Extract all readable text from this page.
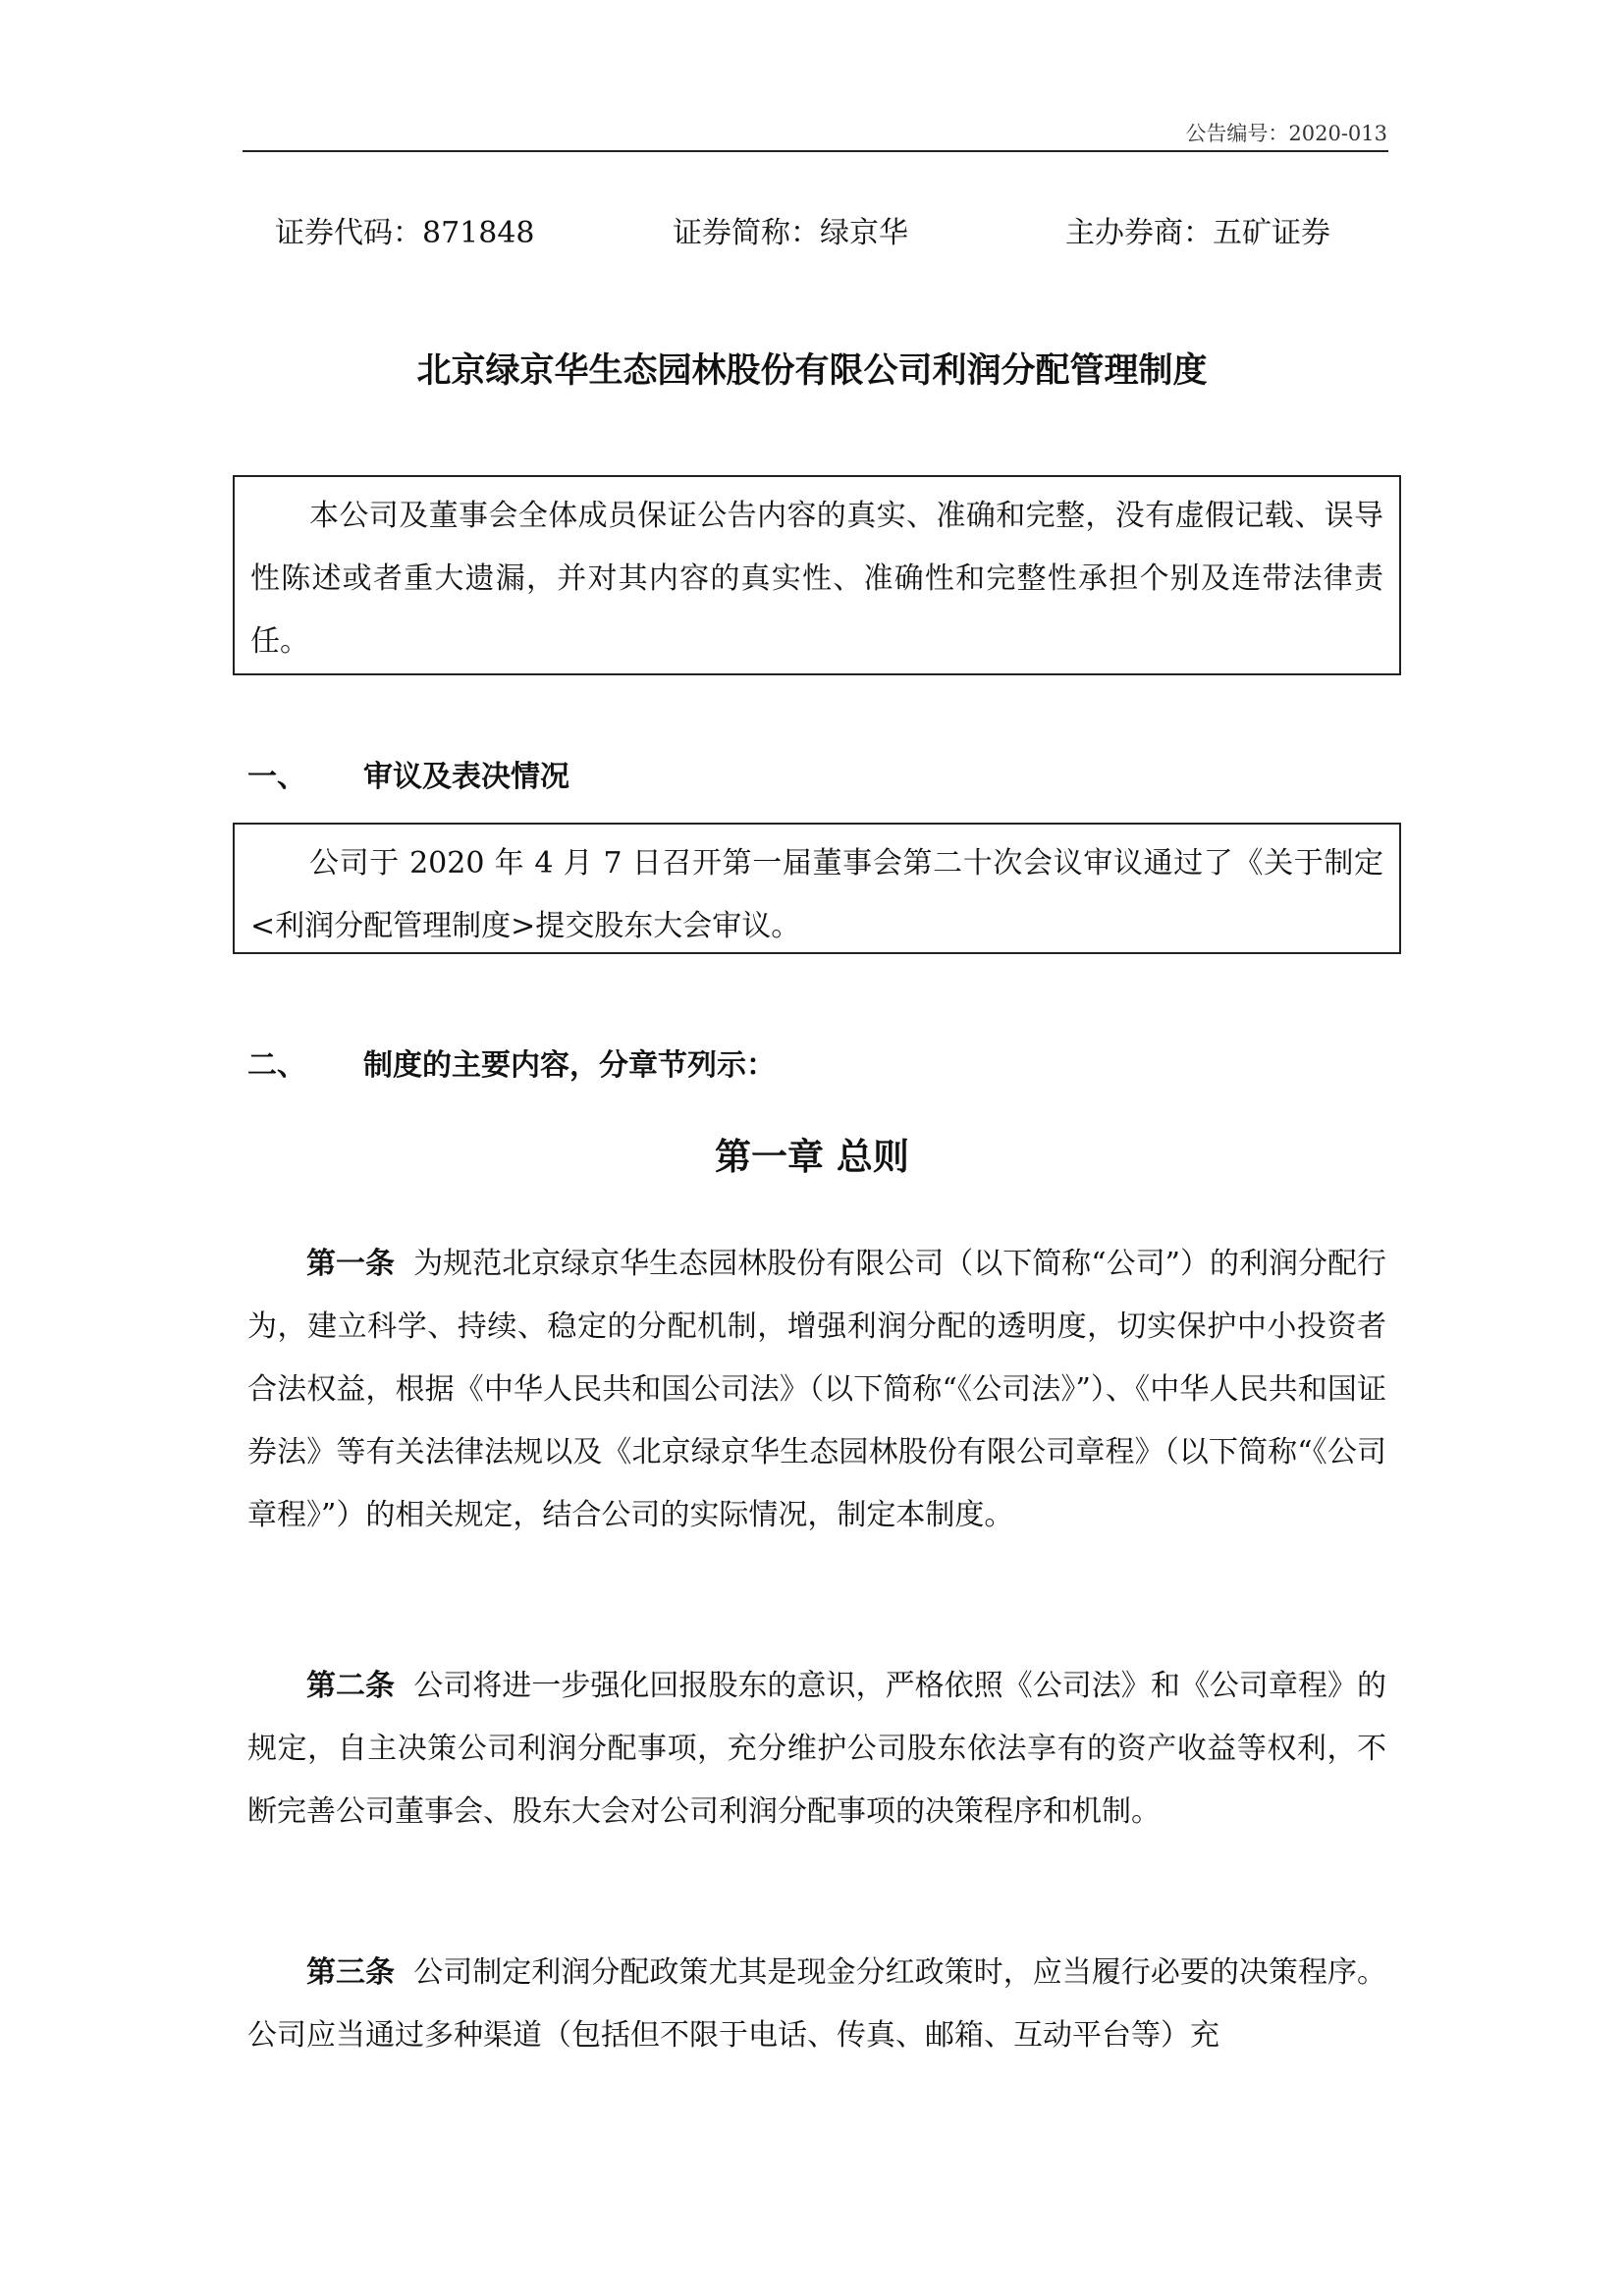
公告编号：2020-013
证券代码：871848	证券简称：绿京华	主办券商：五矿证券
北京绿京华生态园林股份有限公司利润分配管理制度
本公司及董事会全体成员保证公告内容的真实、准确和完整，没有虚假记载、误导性陈述或者重大遗漏，并对其内容的真实性、准确性和完整性承担个别及连带法律责任。
一、 审议及表决情况
公司于 2020 年 4 月 7 日召开第一届董事会第二十次会议审议通过了《关于制定<利润分配管理制度>提交股东大会审议。
二、 制度的主要内容，分章节列示：
第一章 总则
第一条 为规范北京绿京华生态园林股份有限公司（以下简称“公司”）的利润分配行为，建立科学、持续、稳定的分配机制，增强利润分配的透明度，切实保护中小投资者合法权益，根据《中华人民共和国公司法》（以下简称“《公司法》”）、《中华人民共和国证券法》等有关法律法规以及《北京绿京华生态园林股份有限公司章程》（以下简称“《公司章程》”）的相关规定，结合公司的实际情况，制定本制度。
第二条 公司将进一步强化回报股东的意识，严格依照《公司法》和《公司章程》的规定，自主决策公司利润分配事项，充分维护公司股东依法享有的资产收益等权利，不断完善公司董事会、股东大会对公司利润分配事项的决策程序和机制。
第三条 公司制定利润分配政策尤其是现金分红政策时，应当履行必要的决策程序。公司应当通过多种渠道（包括但不限于电话、传真、邮箱、互动平台等）充
